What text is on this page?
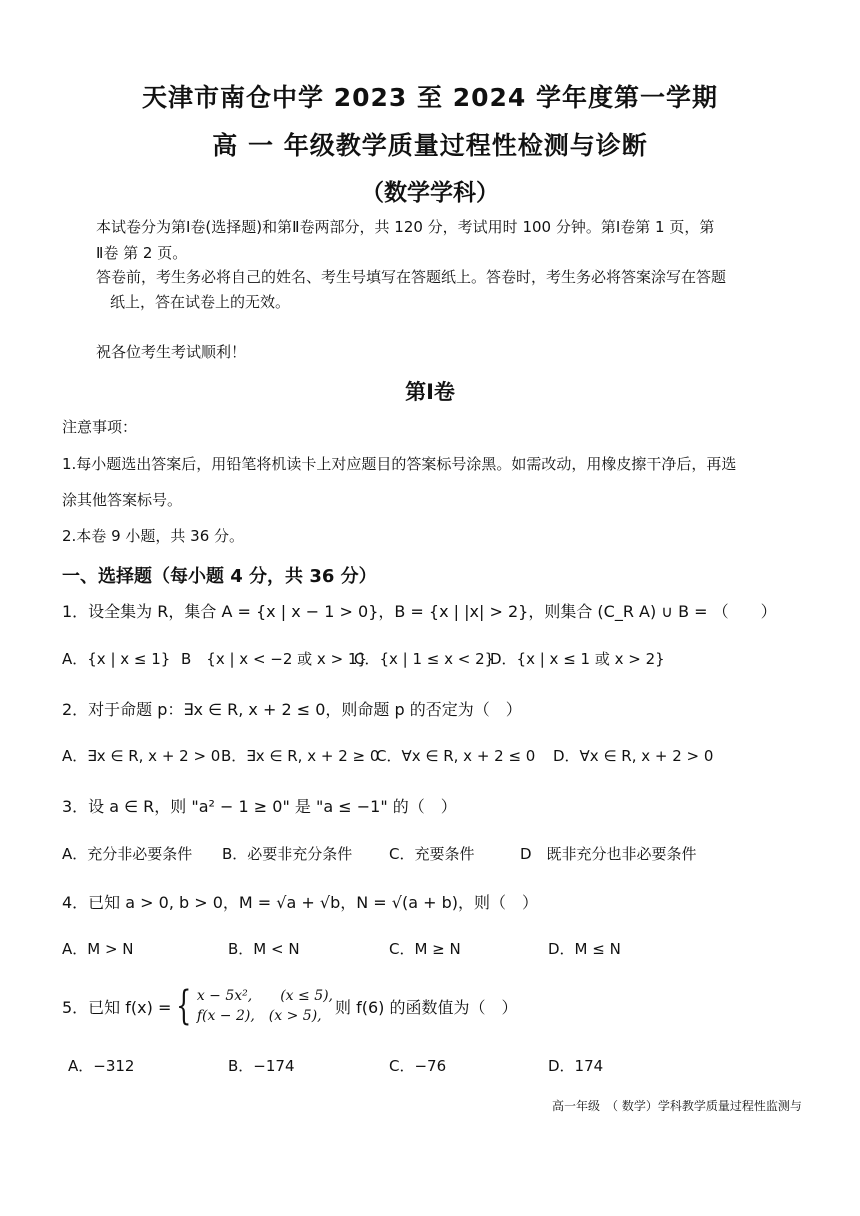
天津市南仓中学 2023 至 2024 学年度第一学期
高 一 年级教学质量过程性检测与诊断
（数学学科）
本试卷分为第Ⅰ卷(选择题)和第Ⅱ卷两部分，共 120 分，考试用时 100 分钟。第Ⅰ卷第 1 页，第
Ⅱ卷 第 2 页。
答卷前，考生务必将自己的姓名、考生号填写在答题纸上。答卷时，考生务必将答案涂写在答题
纸上，答在试卷上的无效。
祝各位考生考试顺利！
第Ⅰ卷
注意事项：
1.每小题选出答案后，用铅笔将机读卡上对应题目的答案标号涂黑。如需改动，用橡皮擦干净后，再选
涂其他答案标号。
2.本卷 9 小题，共 36 分。
一、选择题（每小题 4 分，共 36 分）
1．设全集为 R，集合 A = {x | x − 1 > 0}，B = {x | |x| > 2}，则集合 (C_R A) ∪ B = （　　）
A．{x | x ≤ 1} B　{x | x < −2 或 x > 1}
C．{x | 1 ≤ x < 2}
D．{x | x ≤ 1 或 x > 2}
2．对于命题 p：∃x ∈ R, x + 2 ≤ 0，则命题 p 的否定为（　）
A．∃x ∈ R, x + 2 > 0 B．∃x ∈ R, x + 2 ≥ 0
C．∀x ∈ R, x + 2 ≤ 0 D．∀x ∈ R, x + 2 > 0
3．设 a ∈ R，则 "a² − 1 ≥ 0" 是 "a ≤ −1" 的（　）
A．充分非必要条件 B．必要非充分条件 C．充要条件	D　既非充分也非必要条件
4．已知 a > 0, b > 0，M = √a + √b，N = √(a + b)，则（　）
A．M > N	B．M < N	C．M ≥ N	D．M ≤ N
5．已知 f(x) = { x − 5x²,　　(x ≤ 5),
f(x − 2),　(x > 5), 则 f(6) 的函数值为（　）
A．−312	B．−174	C．−76	D．174
高一年级　（ 数学）学科教学质量过程性监测与
